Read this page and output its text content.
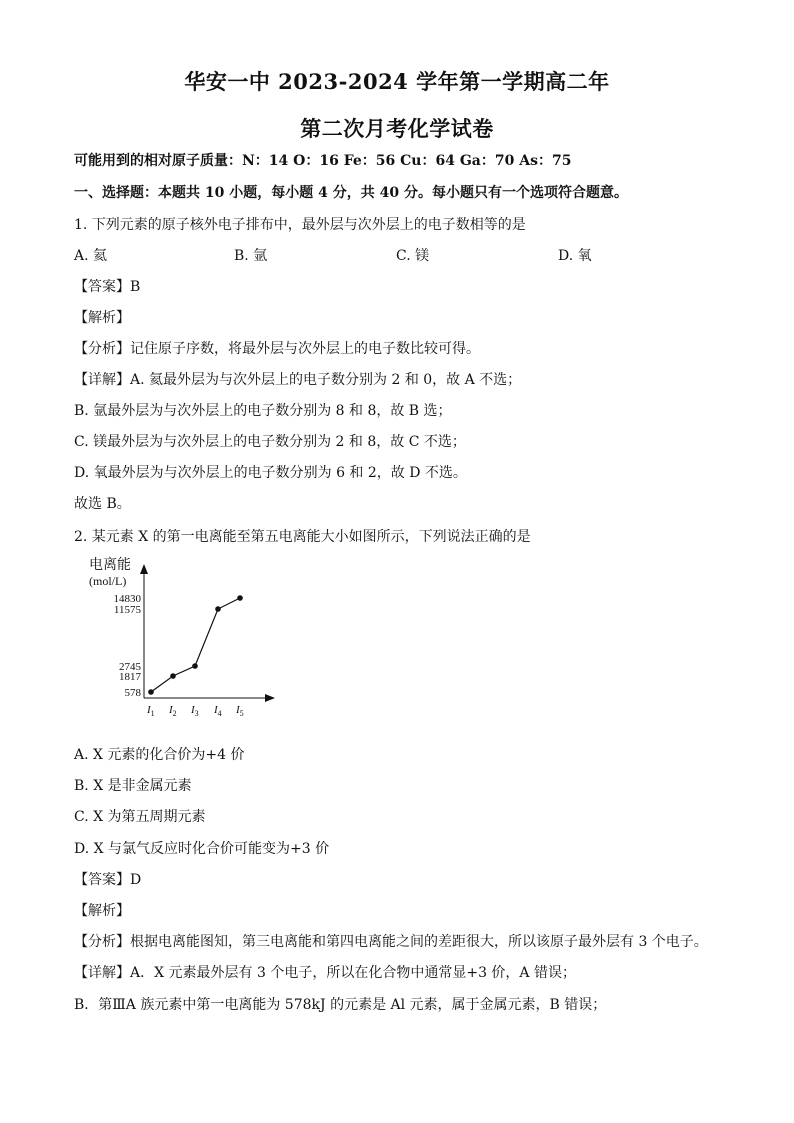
华安一中 2023-2024 学年第一学期高二年
第二次月考化学试卷
可能用到的相对原子质量：N：14 O：16 Fe：56 Cu：64 Ga：70 As：75
一、选择题：本题共 10 小题，每小题 4 分，共 40 分。每小题只有一个选项符合题意。
1. 下列元素的原子核外电子排布中，最外层与次外层上的电子数相等的是
A. 氦	B. 氩	C. 镁	D. 氧
【答案】B
【解析】
【分析】记住原子序数，将最外层与次外层上的电子数比较可得。
【详解】A. 氦最外层为与次外层上的电子数分别为 2 和 0，故 A 不选；
B. 氩最外层为与次外层上的电子数分别为 8 和 8，故 B 选；
C. 镁最外层为与次外层上的电子数分别为 2 和 8，故 C 不选；
D. 氧最外层为与次外层上的电子数分别为 6 和 2，故 D 不选。
故选 B。
2. 某元素 X 的第一电离能至第五电离能大小如图所示，下列说法正确的是
电离能
(mol/L)
578
1817
2745
11575
14830
$I_1$ $I_2$ $I_3$ $I_4$ $I_5$
A. X 元素的化合价为+4 价
B. X 是非金属元素
C. X 为第五周期元素
D. X 与氯气反应时化合价可能变为+3 价
【答案】D
【解析】
【分析】根据电离能图知，第三电离能和第四电离能之间的差距很大，所以该原子最外层有 3 个电子。
【详解】A．X 元素最外层有 3 个电子，所以在化合物中通常显+3 价，A 错误；
B．第ⅢA 族元素中第一电离能为 578kJ 的元素是 Al 元素，属于金属元素，B 错误；
